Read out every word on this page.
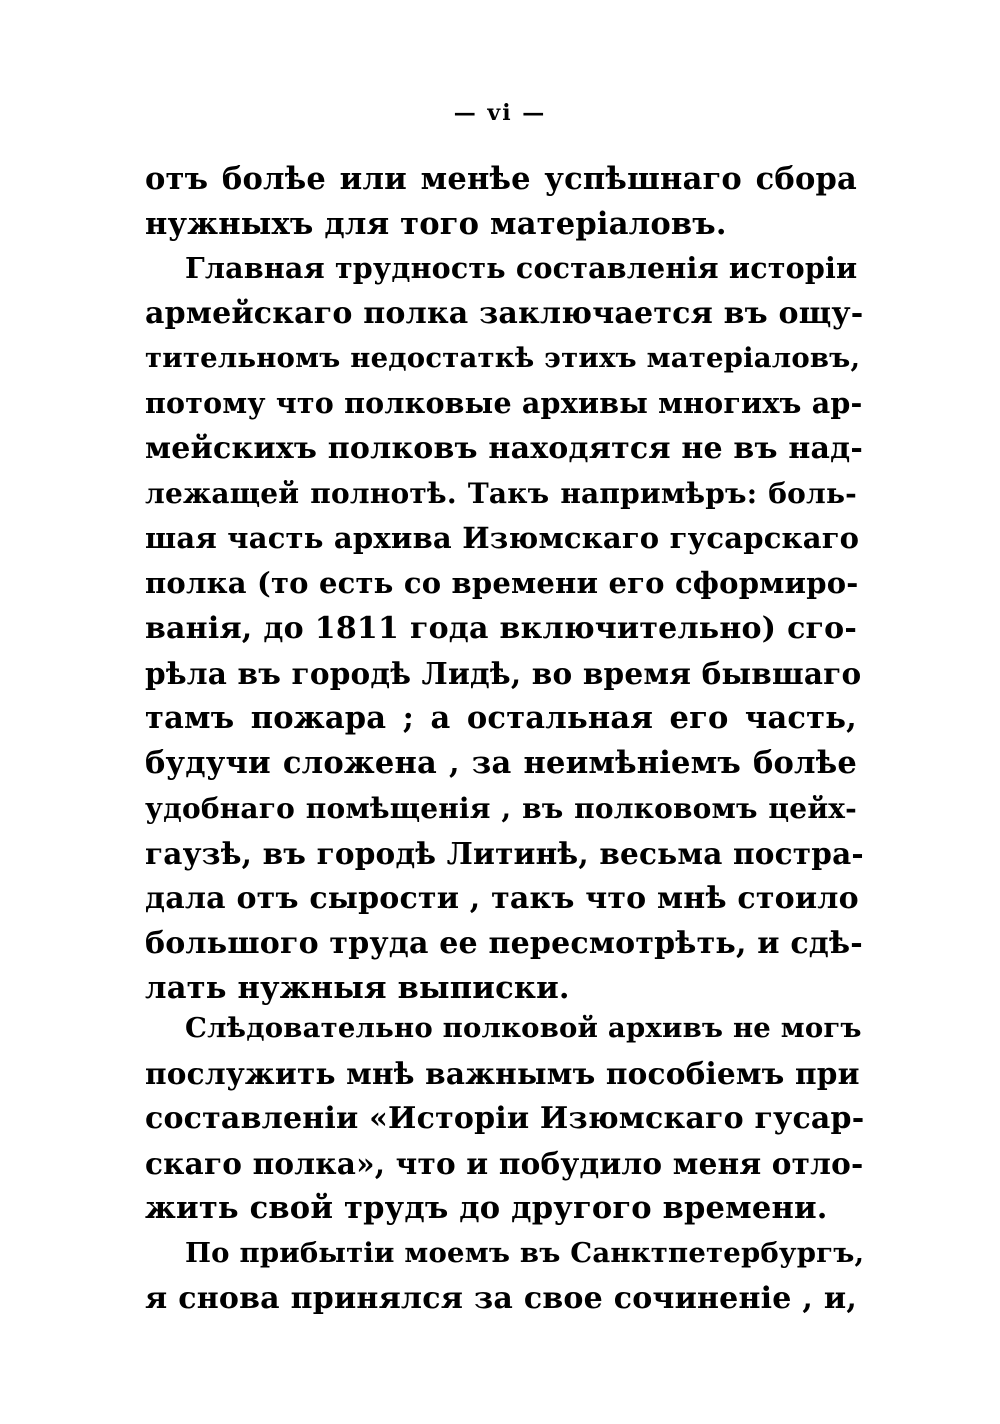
— vi —
отъ болѣе или менѣе успѣшнаго сбора
нужныхъ для того матеріаловъ.
Главная трудность составленія исторіи
армейскаго полка заключается въ ощу-
тительномъ недостаткѣ этихъ матеріаловъ,
потому что полковые архивы многихъ ар-
мейскихъ полковъ находятся не въ над-
лежащей полнотѣ. Такъ напримѣръ: боль-
шая часть архива Изюмскаго гусарскаго
полка (то есть со времени его сформиро-
ванія, до 1811 года включительно) сго-
рѣла въ городѣ Лидѣ, во время бывшаго
тамъ пожара ; а остальная его часть,
будучи сложена , за неимѣніемъ болѣе
удобнаго помѣщенія , въ полковомъ цейх-
гаузѣ, въ городѣ Литинѣ, весьма постра-
дала отъ сырости , такъ что мнѣ стоило
большого труда ее пересмотрѣть, и сдѣ-
лать нужныя выписки.
Слѣдовательно полковой архивъ не могъ
послужить мнѣ важнымъ пособіемъ при
составленіи «Исторіи Изюмскаго гусар-
скаго полка», что и побудило меня отло-
жить свой трудъ до другого времени.
По прибытіи моемъ въ Санктпетербургъ,
я снова принялся за свое сочиненіе , и,
